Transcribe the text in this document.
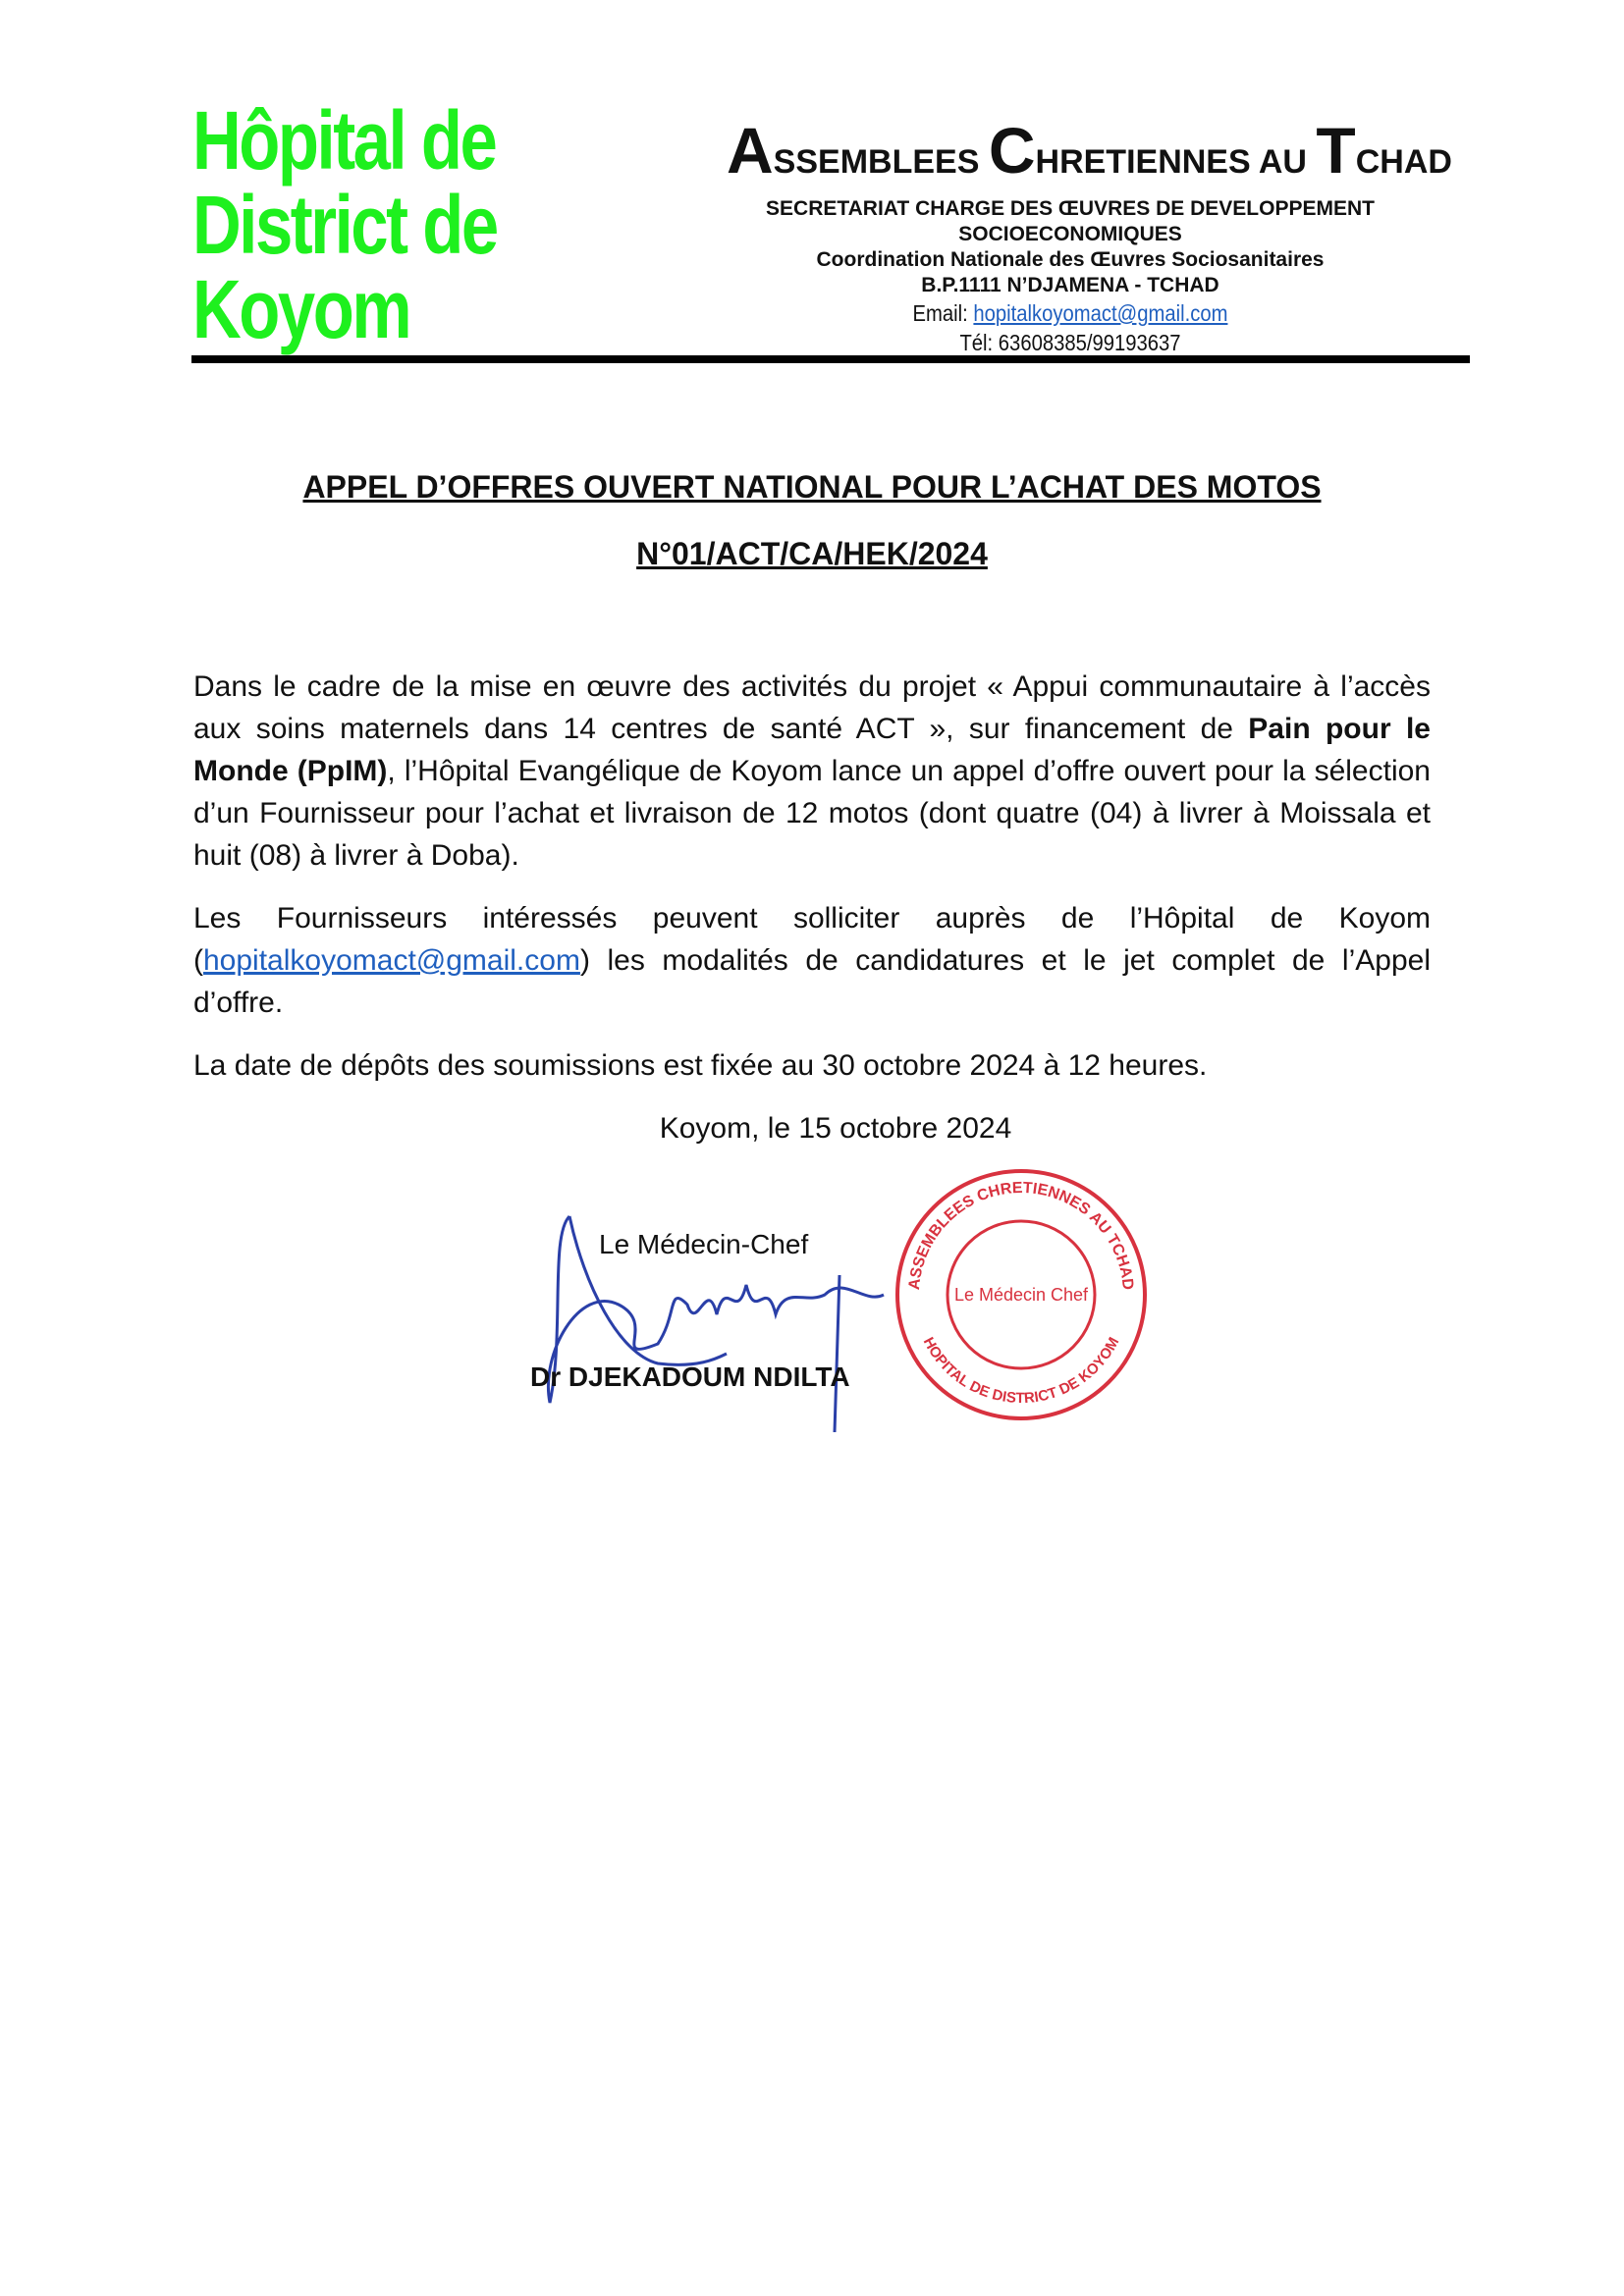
Hôpital de
District de
Koyom
ASSEMBLEES CHRETIENNES AU TCHAD
SECRETARIAT CHARGE DES ŒUVRES DE DEVELOPPEMENT
SOCIOECONOMIQUES
Coordination Nationale des Œuvres Sociosanitaires
B.P.1111 N’DJAMENA - TCHAD
Email: hopitalkoyomact@gmail.com
Tél: 63608385/99193637
APPEL D’OFFRES OUVERT NATIONAL POUR L’ACHAT DES MOTOS
N°01/ACT/CA/HEK/2024

Dans le cadre de la mise en œuvre des activités du projet « Appui communautaire à l’accès aux soins maternels dans 14 centres de santé ACT », sur financement de Pain pour le Monde (PpIM), l’Hôpital Evangélique de Koyom lance un appel d’offre ouvert pour la sélection d’un Fournisseur pour l’achat et livraison de 12 motos (dont quatre (04) à livrer à Moissala et huit (08) à livrer à Doba).

Les Fournisseurs intéressés peuvent solliciter auprès de l’Hôpital de Koyom (hopitalkoyomact@gmail.com) les modalités de candidatures et le jet complet de l’Appel d’offre.

La date de dépôts des soumissions est fixée au 30 octobre 2024 à 12 heures.

Koyom, le 15 octobre 2024
ASSEMBLEES CHRETIENNES AU TCHAD
HOPITAL DE DISTRICT DE KOYOM
Le Médecin Chef
Le Médecin-Chef
Dr DJEKADOUM NDILTA
